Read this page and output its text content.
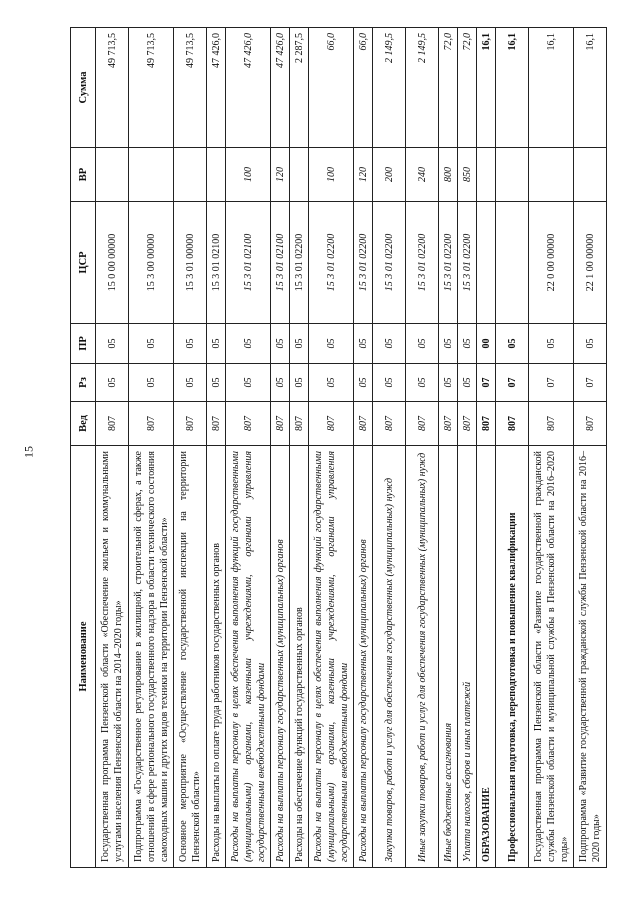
15
Наименование	Вед	Рз	ПР	ЦСР	ВР	Сумма
Государственная программа Пензенской области «Обеспечение жильем и коммунальными услугами населения Пензенской области на 2014–2020 годы»	807	05	05	15 0 00 00000		49 713,5
Подпрограмма «Государственное регулирование в жилищной, строительной сферах, а также отношений в сфере регионального государственного надзора в области технического состояния самоходных машин и других видов техники на территории Пензенской области»	807	05	05	15 3 00 00000		49 713,5
Основное мероприятие «Осуществление государственной инспекции на территории Пензенской области»	807	05	05	15 3 01 00000		49 713,5
Расходы на выплаты по оплате труда работников государственных органов	807	05	05	15 3 01 02100		47 426,0
Расходы на выплаты персоналу в целях обеспечения выполнения функций государственными (муниципальными) органами, казенными учреждениями, органами управления государственными внебюджетными фондами	807	05	05	15 3 01 02100	100	47 426,0
Расходы на выплаты персоналу государственных (муниципальных) органов	807	05	05	15 3 01 02100	120	47 426,0
Расходы на обеспечение функций государственных органов	807	05	05	15 3 01 02200		2 287,5
Расходы на выплаты персоналу в целях обеспечения выполнения функций государственными (муниципальными) органами, казенными учреждениями, органами управления государственными внебюджетными фондами	807	05	05	15 3 01 02200	100	66,0
Расходы на выплаты персоналу государственных (муниципальных) органов	807	05	05	15 3 01 02200	120	66,0
Закупка товаров, работ и услуг для обеспечения государственных (муниципальных) нужд	807	05	05	15 3 01 02200	200	2 149,5
Иные закупки товаров, работ и услуг для обеспечения государственных (муниципальных) нужд	807	05	05	15 3 01 02200	240	2 149,5
Иные бюджетные ассигнования	807	05	05	15 3 01 02200	800	72,0
Уплата налогов, сборов и иных платежей	807	05	05	15 3 01 02200	850	72,0
ОБРАЗОВАНИЕ	807	07	00			16,1
Профессиональная подготовка, переподготовка и повышение квалификации	807	07	05			16,1
Государственная программа Пензенской области «Развитие государственной гражданской службы Пензенской области и муниципальной службы в Пензенской области на 2016–2020 годы»	807	07	05	22 0 00 00000		16,1
Подпрограмма «Развитие государственной гражданской службы Пензенской области на 2016–2020 годы»	807	07	05	22 1 00 00000		16,1
